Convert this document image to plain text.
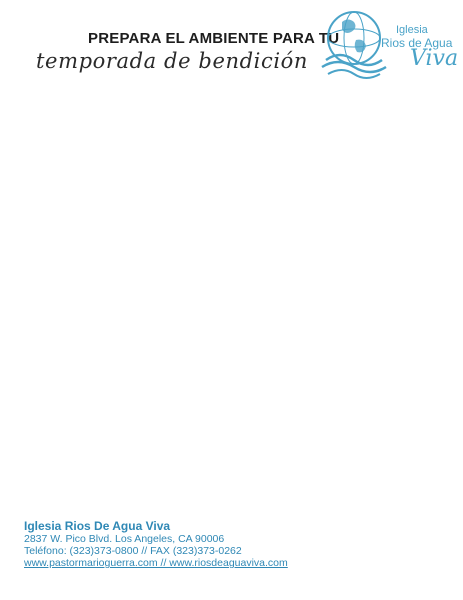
PREPARA EL AMBIENTE PARA TU
temporada de bendición
Iglesia
Rios de Agua
Viva
Iglesia Rios De Agua Viva
2837 W. Pico Blvd. Los Angeles, CA 90006
Teléfono: (323)373-0800 // FAX (323)373-0262
www.pastormarioguerra.com // www.riosdeaguaviva.com
